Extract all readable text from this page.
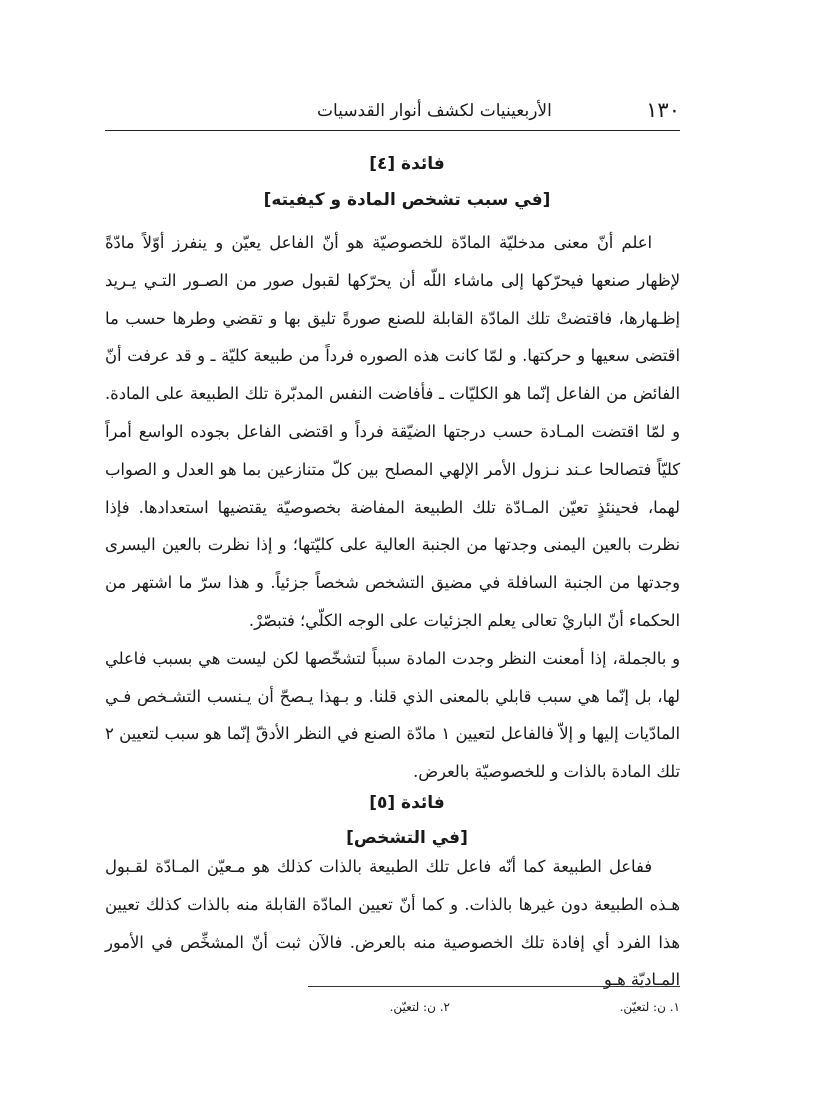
١٣٠
الأربعينيات لكشف أنوار القدسيات
فائدة [٤]
[في سبب تشخص المادة و كيفيته]

اعلم أنّ معنى مدخليّة المادّة للخصوصيّة هو أنّ الفاعل يعيّن و ينفرز أوّلاً مادّةً لإظهار صنعها فيحرّكها إلى ماشاء اللّه أن يحرّكها لقبول صور من الصـور التـي يـريد إظـهارها، فاقتضتْ تلك المادّة القابلة للصنع صورةً تليق بها و تقضي وطرها حسب ما اقتضى سعيها و حركتها. و لمّا كانت هذه الصوره فرداً من طبيعة كليّة ـ و قد عرفت أنّ الفائض من الفاعل إنّما هو الكليّات ـ فأفاضت النفس المدبّرة تلك الطبيعة على المادة. و لمّا اقتضت المـادة حسب درجتها الضيّقة فرداً و اقتضى الفاعل بجوده الواسع أمراً كليّاً فتصالحا عـند نـزول الأمر الإلهي المصلح بين كلّ متنازعين بما هو العدل و الصواب لهما، فحينئذٍ تعيّن المـادّة تلك الطبيعة المفاضة بخصوصيّة يقتضيها استعدادها. فإذا نظرت بالعين اليمنى وجدتها من الجنبة العالية على كليّتها؛ و إذا نظرت بالعين اليسرى وجدتها من الجنبة السافلة في مضيق التشخص شخصاً جزئياً. و هذا سرّ ما اشتهر من الحكماء أنّ الباريْ تعالى يعلم الجزئيات على الوجه الكلّي؛ فتبصّرْ.

و بالجملة، إذا أمعنت النظر وجدت المادة سبباً لتشخّصها لكن ليست هي بسبب فاعلي لها، بل إنّما هي سبب قابلي بالمعنى الذي قلنا. و بـهذا يـصحّ أن يـنسب التشـخص فـي المادّيات إليها و إلاّ فالفاعل لتعيين ١ مادّة الصنع في النظر الأدقّ إنّما هو سبب لتعيين ٢ تلك المادة بالذات و للخصوصيّة بالعرض.

فائدة [٥]
[في التشخص]

ففاعل الطبيعة كما أنّه فاعل تلك الطبيعة بالذات كذلك هو مـعيّن المـادّة لقـبول هـذه الطبيعة دون غيرها بالذات. و كما أنّ تعيين المادّة القابلة منه بالذات كذلك تعيين هذا الفرد أي إفادة تلك الخصوصية منه بالعرض. فالآن ثبت أنّ المشخِّص في الأمور المـاديّة هـو

١. ن: لتعيّن.
٢. ن: لتعيّن.
